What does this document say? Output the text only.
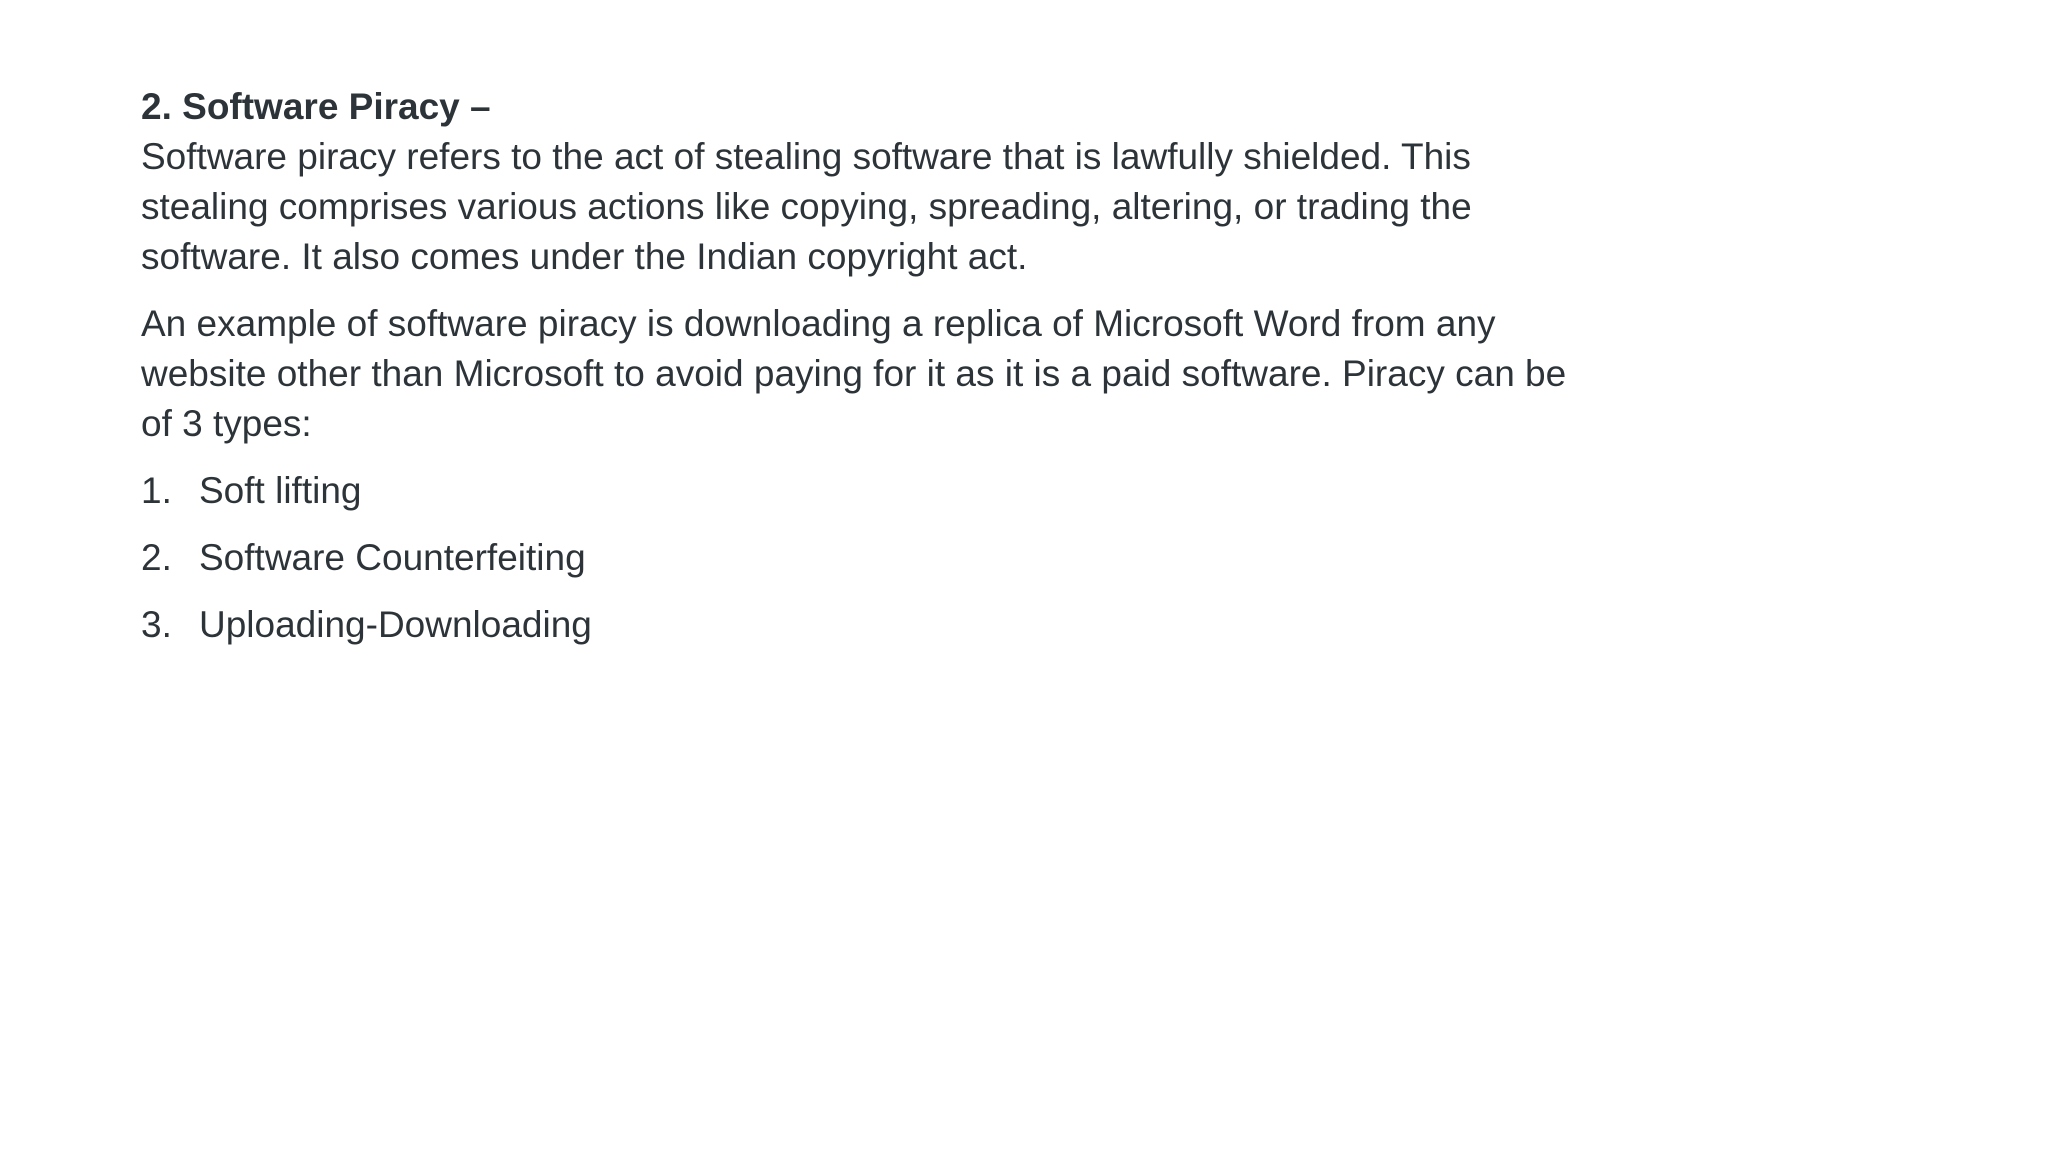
2. Software Piracy –

Software piracy refers to the act of stealing software that is lawfully shielded. This stealing comprises various actions like copying, spreading, altering, or trading the software. It also comes under the Indian copyright act.

An example of software piracy is downloading a replica of Microsoft Word from any website other than Microsoft to avoid paying for it as it is a paid software. Piracy can be of 3 types:

1. Soft lifting
2. Software Counterfeiting
3. Uploading-Downloading
